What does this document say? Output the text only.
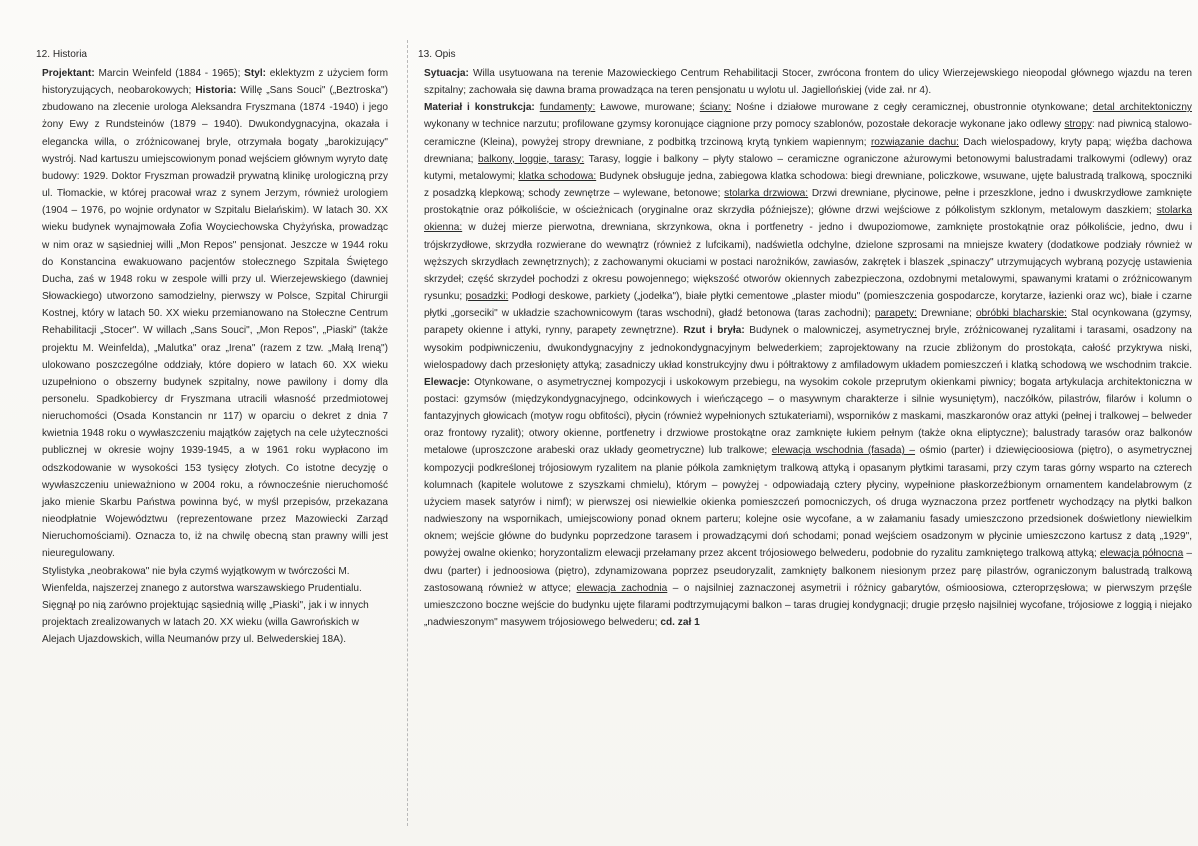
12. Historia

Projektant: Marcin Weinfeld (1884 - 1965); Styl: eklektyzm z użyciem form historyzujących, neobarokowych; Historia: Willę „Sans Souci" („Beztroska") zbudowano na zlecenie urologa Aleksandra Fryszmana (1874 -1940) i jego żony Ewy z Rundsteinów (1879 – 1940). Dwukondygnacyjna, okazała i elegancka willa, o zróżnicowanej bryle, otrzymała bogaty „barokizujący" wystrój. Nad kartuszu umiejscowionym ponad wejściem głównym wyryto datę budowy: 1929. Doktor Fryszman prowadził prywatną klinikę urologiczną przy ul. Tłomackie, w której pracował wraz z synem Jerzym, również urologiem (1904 – 1976, po wojnie ordynator w Szpitalu Bielańskim). W latach 30. XX wieku budynek wynajmowała Zofia Woyciechowska Chyżyńska, prowadząc w nim oraz w sąsiedniej willi „Mon Repos" pensjonat. Jeszcze w 1944 roku do Konstancina ewakuowano pacjentów stołecznego Szpitala Świętego Ducha, zaś w 1948 roku w zespole willi przy ul. Wierzejewskiego (dawniej Słowackiego) utworzono samodzielny, pierwszy w Polsce, Szpital Chirurgii Kostnej, który w latach 50. XX wieku przemianowano na Stołeczne Centrum Rehabilitacji „Stocer". W willach „Sans Souci", „Mon Repos", „Piaski" (także projektu M. Weinfelda), „Malutka" oraz „Irena" (razem z tzw. „Małą Ireną") ulokowano poszczególne oddziały, które dopiero w latach 60. XX wieku uzupełniono o obszerny budynek szpitalny, nowe pawilony i domy dla personelu. Spadkobiercy dr Fryszmana utracili własność przedmiotowej nieruchomości (Osada Konstancin nr 117) w oparciu o dekret z dnia 7 kwietnia 1948 roku o wywłaszczeniu majątków zajętych na cele użyteczności publicznej w okresie wojny 1939-1945, a w 1961 roku wypłacono im odszkodowanie w wysokości 153 tysięcy złotych. Co istotne decyzję o wywłaszczeniu unieważniono w 2004 roku, a równocześnie nieruchomość jako mienie Skarbu Państwa powinna być, w myśl przepisów, przekazana nieodpłatnie Województwu (reprezentowane przez Mazowiecki Zarząd Nieruchomościami). Oznacza to, iż na chwilę obecną stan prawny willi jest nieuregulowany.

Stylistyka „neobrakowa" nie była czymś wyjątkowym w twórczości M. Wienfelda, najszerzej znanego z autorstwa warszawskiego Prudentialu. Sięgnął po nią zarówno projektując sąsiednią willę „Piaski", jak i w innych projektach zrealizowanych w latach 20. XX wieku (willa Gawrońskich w Alejach Ujazdowskich, willa Neumanów przy ul. Belwederskiej 18A).

13. Opis

Sytuacja: Willa usytuowana na terenie Mazowieckiego Centrum Rehabilitacji Stocer, zwrócona frontem do ulicy Wierzejewskiego nieopodal głównego wjazdu na teren szpitalny; zachowała się dawna brama prowadząca na teren pensjonatu u wylotu ul. Jagiellońskiej (vide zał. nr 4).

Materiał i konstrukcja: fundamenty: Ławowe, murowane; ściany: Nośne i działowe murowane z cegły ceramicznej, obustronnie otynkowane; detal architektoniczny wykonany w technice narzutu; profilowane gzymsy koronujące ciągnione przy pomocy szablonów, pozostałe dekoracje wykonane jako odlewy stropy: nad piwnicą stalowo-ceramiczne (Kleina), powyżej stropy drewniane, z podbitką trzcinową krytą tynkiem wapiennym; rozwiązanie dachu: Dach wielospadowy, kryty papą; więźba dachowa drewniana; balkony, loggie, tarasy: Tarasy, loggie i balkony – płyty stalowo – ceramiczne ograniczone ażurowymi betonowymi balustradami tralkowymi (odlewy) oraz kutymi, metalowymi; klatka schodowa: Budynek obsługuje jedna, zabiegowa klatka schodowa: biegi drewniane, policzkowe, wsuwane, ujęte balustradą tralkową, spoczniki z posadzką klepkową; schody zewnętrze – wylewane, betonowe; stolarka drzwiowa: Drzwi drewniane, płycinowe, pełne i przeszklone, jedno i dwuskrzydłowe zamknięte prostokątnie oraz półkoliście, w ościeżnicach (oryginalne oraz skrzydła późniejsze); główne drzwi wejściowe z półkolistym szklonym, metalowym daszkiem; stolarka okienna: w dużej mierze pierwotna, drewniana, skrzynkowa, okna i portfenetry - jedno i dwupoziomowe, zamknięte prostokątnie oraz półkoliście, jedno, dwu i trójskrzydłowe, skrzydła rozwierane do wewnątrz (również z lufcikami), nadświetla odchylne, dzielone szprosami na mniejsze kwatery (dodatkowe podziały również w węższych skrzydłach zewnętrznych); z zachowanymi okuciami w postaci narożników, zawiasów, zakrętek i blaszek „spinaczy" utrzymujących wybraną pozycję ustawienia skrzydeł; część skrzydeł pochodzi z okresu powojennego; większość otworów okiennych zabezpieczona, ozdobnymi metalowymi, spawanymi kratami o zróżnicowanym rysunku; posadzki: Podłogi deskowe, parkiety („jodełka"), białe płytki cementowe „plaster miodu" (pomieszczenia gospodarcze, korytarze, łazienki oraz wc), białe i czarne płytki „gorseciki" w układzie szachownicowym (taras wschodni), gładź betonowa (taras zachodni); parapety: Drewniane; obróbki blacharskie: Stal ocynkowana (gzymsy, parapety okienne i attyki, rynny, parapety zewnętrzne). Rzut i bryła: Budynek o malowniczej, asymetrycznej bryle, zróżnicowanej ryzalitami i tarasami, osadzony na wysokim podpiwniczeniu, dwukondygnacyjny z jednokondygnacyjnym belwederkiem; zaprojektowany na rzucie zbliżonym do prostokąta, całość przykrywa niski, wielospadowy dach przesłonięty attyką; zasadniczy układ konstrukcyjny dwu i półtraktowy z amfiladowym układem pomieszczeń i klatką schodową we wschodnim trakcie. Elewacje: Otynkowane, o asymetrycznej kompozycji i uskokowym przebiegu, na wysokim cokole przeprutym okienkami piwnicy; bogata artykulacja architektoniczna w postaci: gzymsów (międzykondygnacyjnego, odcinkowych i wieńczącego – o masywnym charakterze i silnie wysuniętym), naczółków, pilastrów, filarów i kolumn o fantazyjnych głowicach (motyw rogu obfitości), płycin (również wypełnionych sztukateriami), wsporników z maskami, maszkaronów oraz attyki (pełnej i tralkowej – belweder oraz frontowy ryzalit); otwory okienne, portfenetry i drzwiowe prostokątne oraz zamknięte łukiem pełnym (także okna eliptyczne); balustrady tarasów oraz balkonów metalowe (uproszczone arabeski oraz układy geometryczne) lub tralkowe; elewacja wschodnia (fasada) – ośmio (parter) i dziewięcioosiowa (piętro), o asymetrycznej kompozycji podkreślonej trójosiowym ryzalitem na planie półkola zamkniętym tralkową attyką i opasanym płytkimi tarasami, przy czym taras górny wsparto na czterech kolumnach (kapitele wolutowe z szyszkami chmielu), którym – powyżej - odpowiadają cztery płyciny, wypełnione płaskorzeźbionym ornamentem kandelabrowym (z użyciem masek satyrów i nimf); w pierwszej osi niewielkie okienka pomieszczeń pomocniczych, oś druga wyznaczona przez portfenetr wychodzący na płytki balkon nadwieszony na wspornikach, umiejscowiony ponad oknem parteru; kolejne osie wycofane, a w załamaniu fasady umieszczono przedsionek doświetlony niewielkim oknem; wejście główne do budynku poprzedzone tarasem i prowadzącymi doń schodami; ponad wejściem osadzonym w płycinie umieszczono kartusz z datą „1929", powyżej owalne okienko; horyzontalizm elewacji przełamany przez akcent trójosiowego belwederu, podobnie do ryzalitu zamkniętego tralkową attyką; elewacja północna – dwu (parter) i jednoosiowa (piętro), zdynamizowana poprzez pseudoryzalit, zamknięty balkonem niesionym przez parę pilastrów, ograniczonym balustradą tralkową zastosowaną również w attyce; elewacja zachodnia – o najsilniej zaznaczonej asymetrii i różnicy gabarytów, ośmioosiowa, czteroprzęsłowa; w pierwszym przęśle umieszczono boczne wejście do budynku ujęte filarami podtrzymującymi balkon – taras drugiej kondygnacji; drugie przęsło najsilniej wycofane, trójosiowe z loggią i niejako „nadwieszonym" masywem trójosiowego belwederu; cd. zał 1
